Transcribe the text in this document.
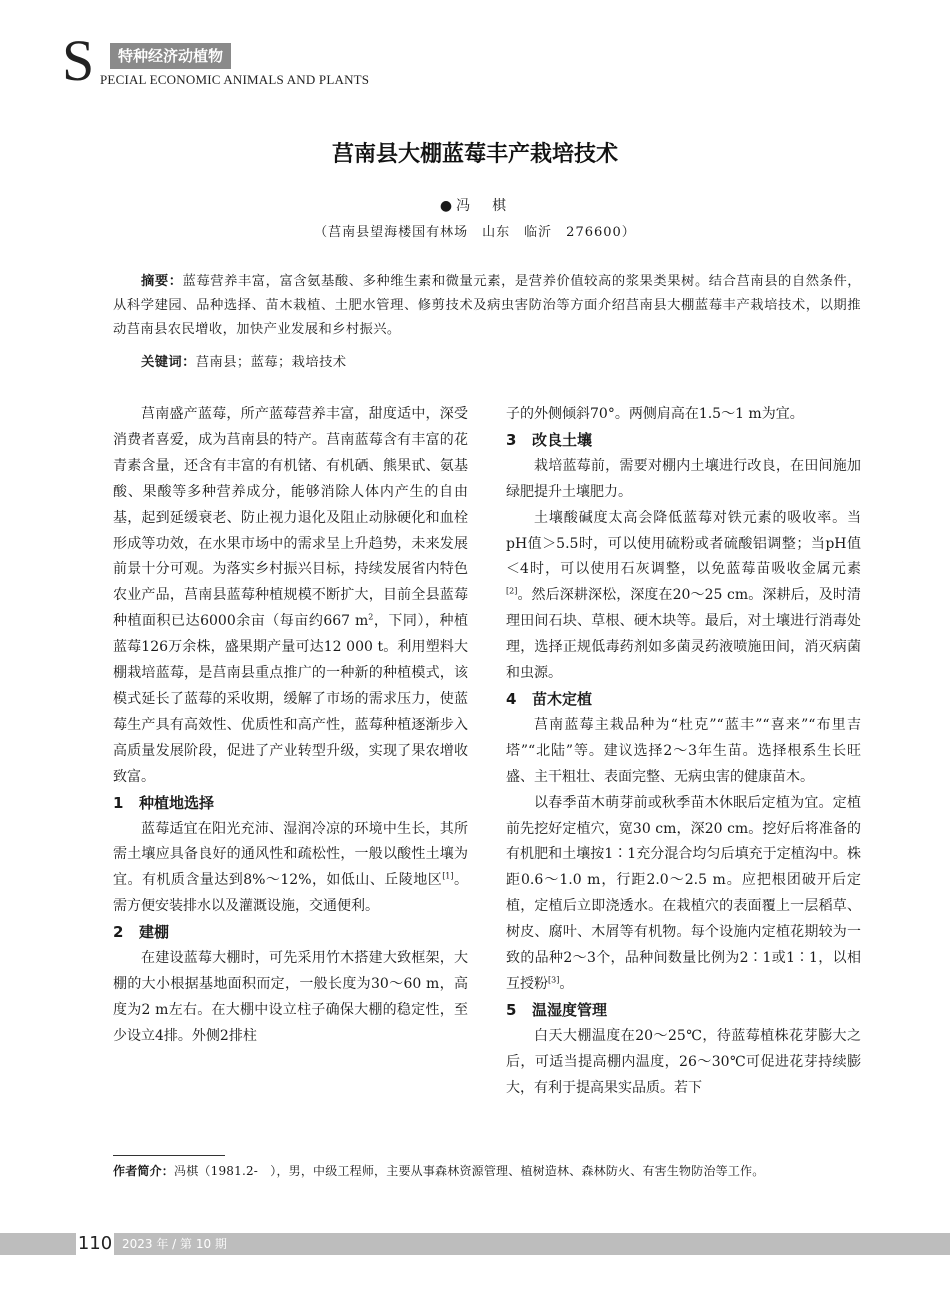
S	特种经济动植物
PECIAL ECONOMIC ANIMALS AND PLANTS
莒南县大棚蓝莓丰产栽培技术
●冯　棋
（莒南县望海楼国有林场　山东　临沂　276600）
摘要：蓝莓营养丰富，富含氨基酸、多种维生素和微量元素，是营养价值较高的浆果类果树。结合莒南县的自然条件，从科学建园、品种选择、苗木栽植、土肥水管理、修剪技术及病虫害防治等方面介绍莒南县大棚蓝莓丰产栽培技术，以期推动莒南县农民增收，加快产业发展和乡村振兴。
关键词：莒南县；蓝莓；栽培技术

莒南盛产蓝莓，所产蓝莓营养丰富，甜度适中，深受消费者喜爱，成为莒南县的特产。莒南蓝莓含有丰富的花青素含量，还含有丰富的有机锗、有机硒、熊果甙、氨基酸、果酸等多种营养成分，能够消除人体内产生的自由基，起到延缓衰老、防止视力退化及阻止动脉硬化和血栓形成等功效，在水果市场中的需求呈上升趋势，未来发展前景十分可观。为落实乡村振兴目标，持续发展省内特色农业产品，莒南县蓝莓种植规模不断扩大，目前全县蓝莓种植面积已达6000余亩（每亩约667 $m^2$，下同），种植蓝莓126万余株，盛果期产量可达12 000 t。利用塑料大棚栽培蓝莓，是莒南县重点推广的一种新的种植模式，该模式延长了蓝莓的采收期，缓解了市场的需求压力，使蓝莓生产具有高效性、优质性和高产性，蓝莓种植逐渐步入高质量发展阶段，促进了产业转型升级，实现了果农增收致富。

1 种植地选择

蓝莓适宜在阳光充沛、湿润冷凉的环境中生长，其所需土壤应具备良好的通风性和疏松性，一般以酸性土壤为宜。有机质含量达到8%～12%，如低山、丘陵地区[1]。需方便安装排水以及灌溉设施，交通便利。

2 建棚

在建设蓝莓大棚时，可先采用竹木搭建大致框架，大棚的大小根据基地面积而定，一般长度为30～60 m，高度为2 m左右。在大棚中设立柱子确保大棚的稳定性，至少设立4排。外侧2排柱

子的外侧倾斜70°。两侧肩高在1.5～1 m为宜。

3 改良土壤

栽培蓝莓前，需要对棚内土壤进行改良，在田间施加绿肥提升土壤肥力。

土壤酸碱度太高会降低蓝莓对铁元素的吸收率。当pH值＞5.5时，可以使用硫粉或者硫酸铝调整；当pH值＜4时，可以使用石灰调整，以免蓝莓苗吸收金属元素[2]。然后深耕深松，深度在20～25 cm。深耕后，及时清理田间石块、草根、硬木块等。最后，对土壤进行消毒处理，选择正规低毒药剂如多菌灵药液喷施田间，消灭病菌和虫源。

4 苗木定植

莒南蓝莓主栽品种为“杜克”“蓝丰”“喜来”“布里吉塔”“北陆”等。建议选择2～3年生苗。选择根系生长旺盛、主干粗壮、表面完整、无病虫害的健康苗木。

以春季苗木萌芽前或秋季苗木休眠后定植为宜。定植前先挖好定植穴，宽30 cm，深20 cm。挖好后将准备的有机肥和土壤按1∶1充分混合均匀后填充于定植沟中。株距0.6～1.0 m，行距2.0～2.5 m。应把根团破开后定植，定植后立即浇透水。在栽植穴的表面覆上一层稻草、树皮、腐叶、木屑等有机物。每个设施内定植花期较为一致的品种2～3个，品种间数量比例为2∶1或1∶1，以相互授粉[3]。

5 温湿度管理

白天大棚温度在20～25℃，待蓝莓植株花芽膨大之后，可适当提高棚内温度，26～30℃可促进花芽持续膨大，有利于提高果实品质。若下

作者简介：冯棋（1981.2-　），男，中级工程师，主要从事森林资源管理、植树造林、森林防火、有害生物防治等工作。
110 2023 年 / 第 10 期
